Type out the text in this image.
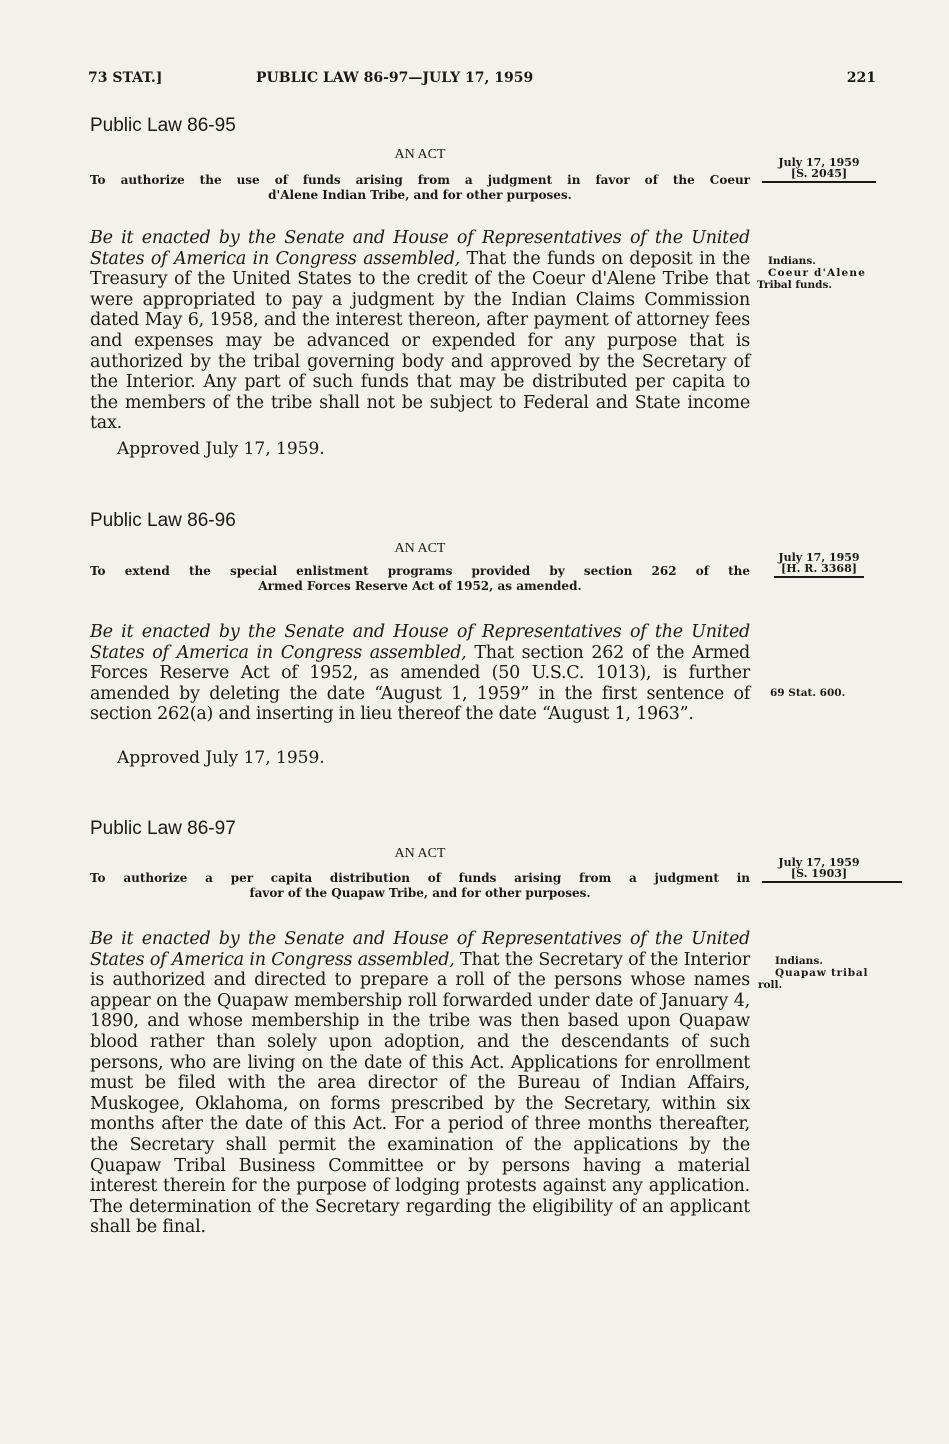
73 STAT.]	PUBLIC LAW 86-97—JULY 17, 1959	221
Public Law 86-95
AN ACT
To authorize the use of funds arising from a judgment in favor of the Coeur
d'Alene Indian Tribe, and for other purposes.
July 17, 1959
[S. 2045]
Be it enacted by the Senate and House of Representatives of the United States of America in Congress assembled, That the funds on deposit in the Treasury of the United States to the credit of the Coeur d'Alene Tribe that were appropriated to pay a judgment by the Indian Claims Commission dated May 6, 1958, and the interest thereon, after payment of attorney fees and expenses may be advanced or expended for any purpose that is authorized by the tribal governing body and approved by the Secretary of the Interior. Any part of such funds that may be distributed per capita to the members of the tribe shall not be subject to Federal and State income tax.
Approved July 17, 1959.
Indians.
Coeur d'Alene
Tribal funds.
Public Law 86-96
AN ACT
To extend the special enlistment programs provided by section 262 of the
Armed Forces Reserve Act of 1952, as amended.
July 17, 1959
[H. R. 3368]
Be it enacted by the Senate and House of Representatives of the United States of America in Congress assembled, That section 262 of the Armed Forces Reserve Act of 1952, as amended (50 U.S.C. 1013), is further amended by deleting the date “August 1, 1959” in the first sentence of section 262(a) and inserting in lieu thereof the date “August 1, 1963”.
Approved July 17, 1959.
69 Stat. 600.
Public Law 86-97
AN ACT
To authorize a per capita distribution of funds arising from a judgment in
favor of the Quapaw Tribe, and for other purposes.
July 17, 1959
[S. 1903]
Be it enacted by the Senate and House of Representatives of the United States of America in Congress assembled, That the Secretary of the Interior is authorized and directed to prepare a roll of the persons whose names appear on the Quapaw membership roll forwarded under date of January 4, 1890, and whose membership in the tribe was then based upon Quapaw blood rather than solely upon adoption, and the descendants of such persons, who are living on the date of this Act. Applications for enrollment must be filed with the area director of the Bureau of Indian Affairs, Muskogee, Oklahoma, on forms prescribed by the Secretary, within six months after the date of this Act. For a period of three months thereafter, the Secretary shall permit the examination of the applications by the Quapaw Tribal Business Committee or by persons having a material interest therein for the purpose of lodging protests against any application. The determination of the Secretary regarding the eligibility of an applicant shall be final.
Indians.
Quapaw tribal
roll.
